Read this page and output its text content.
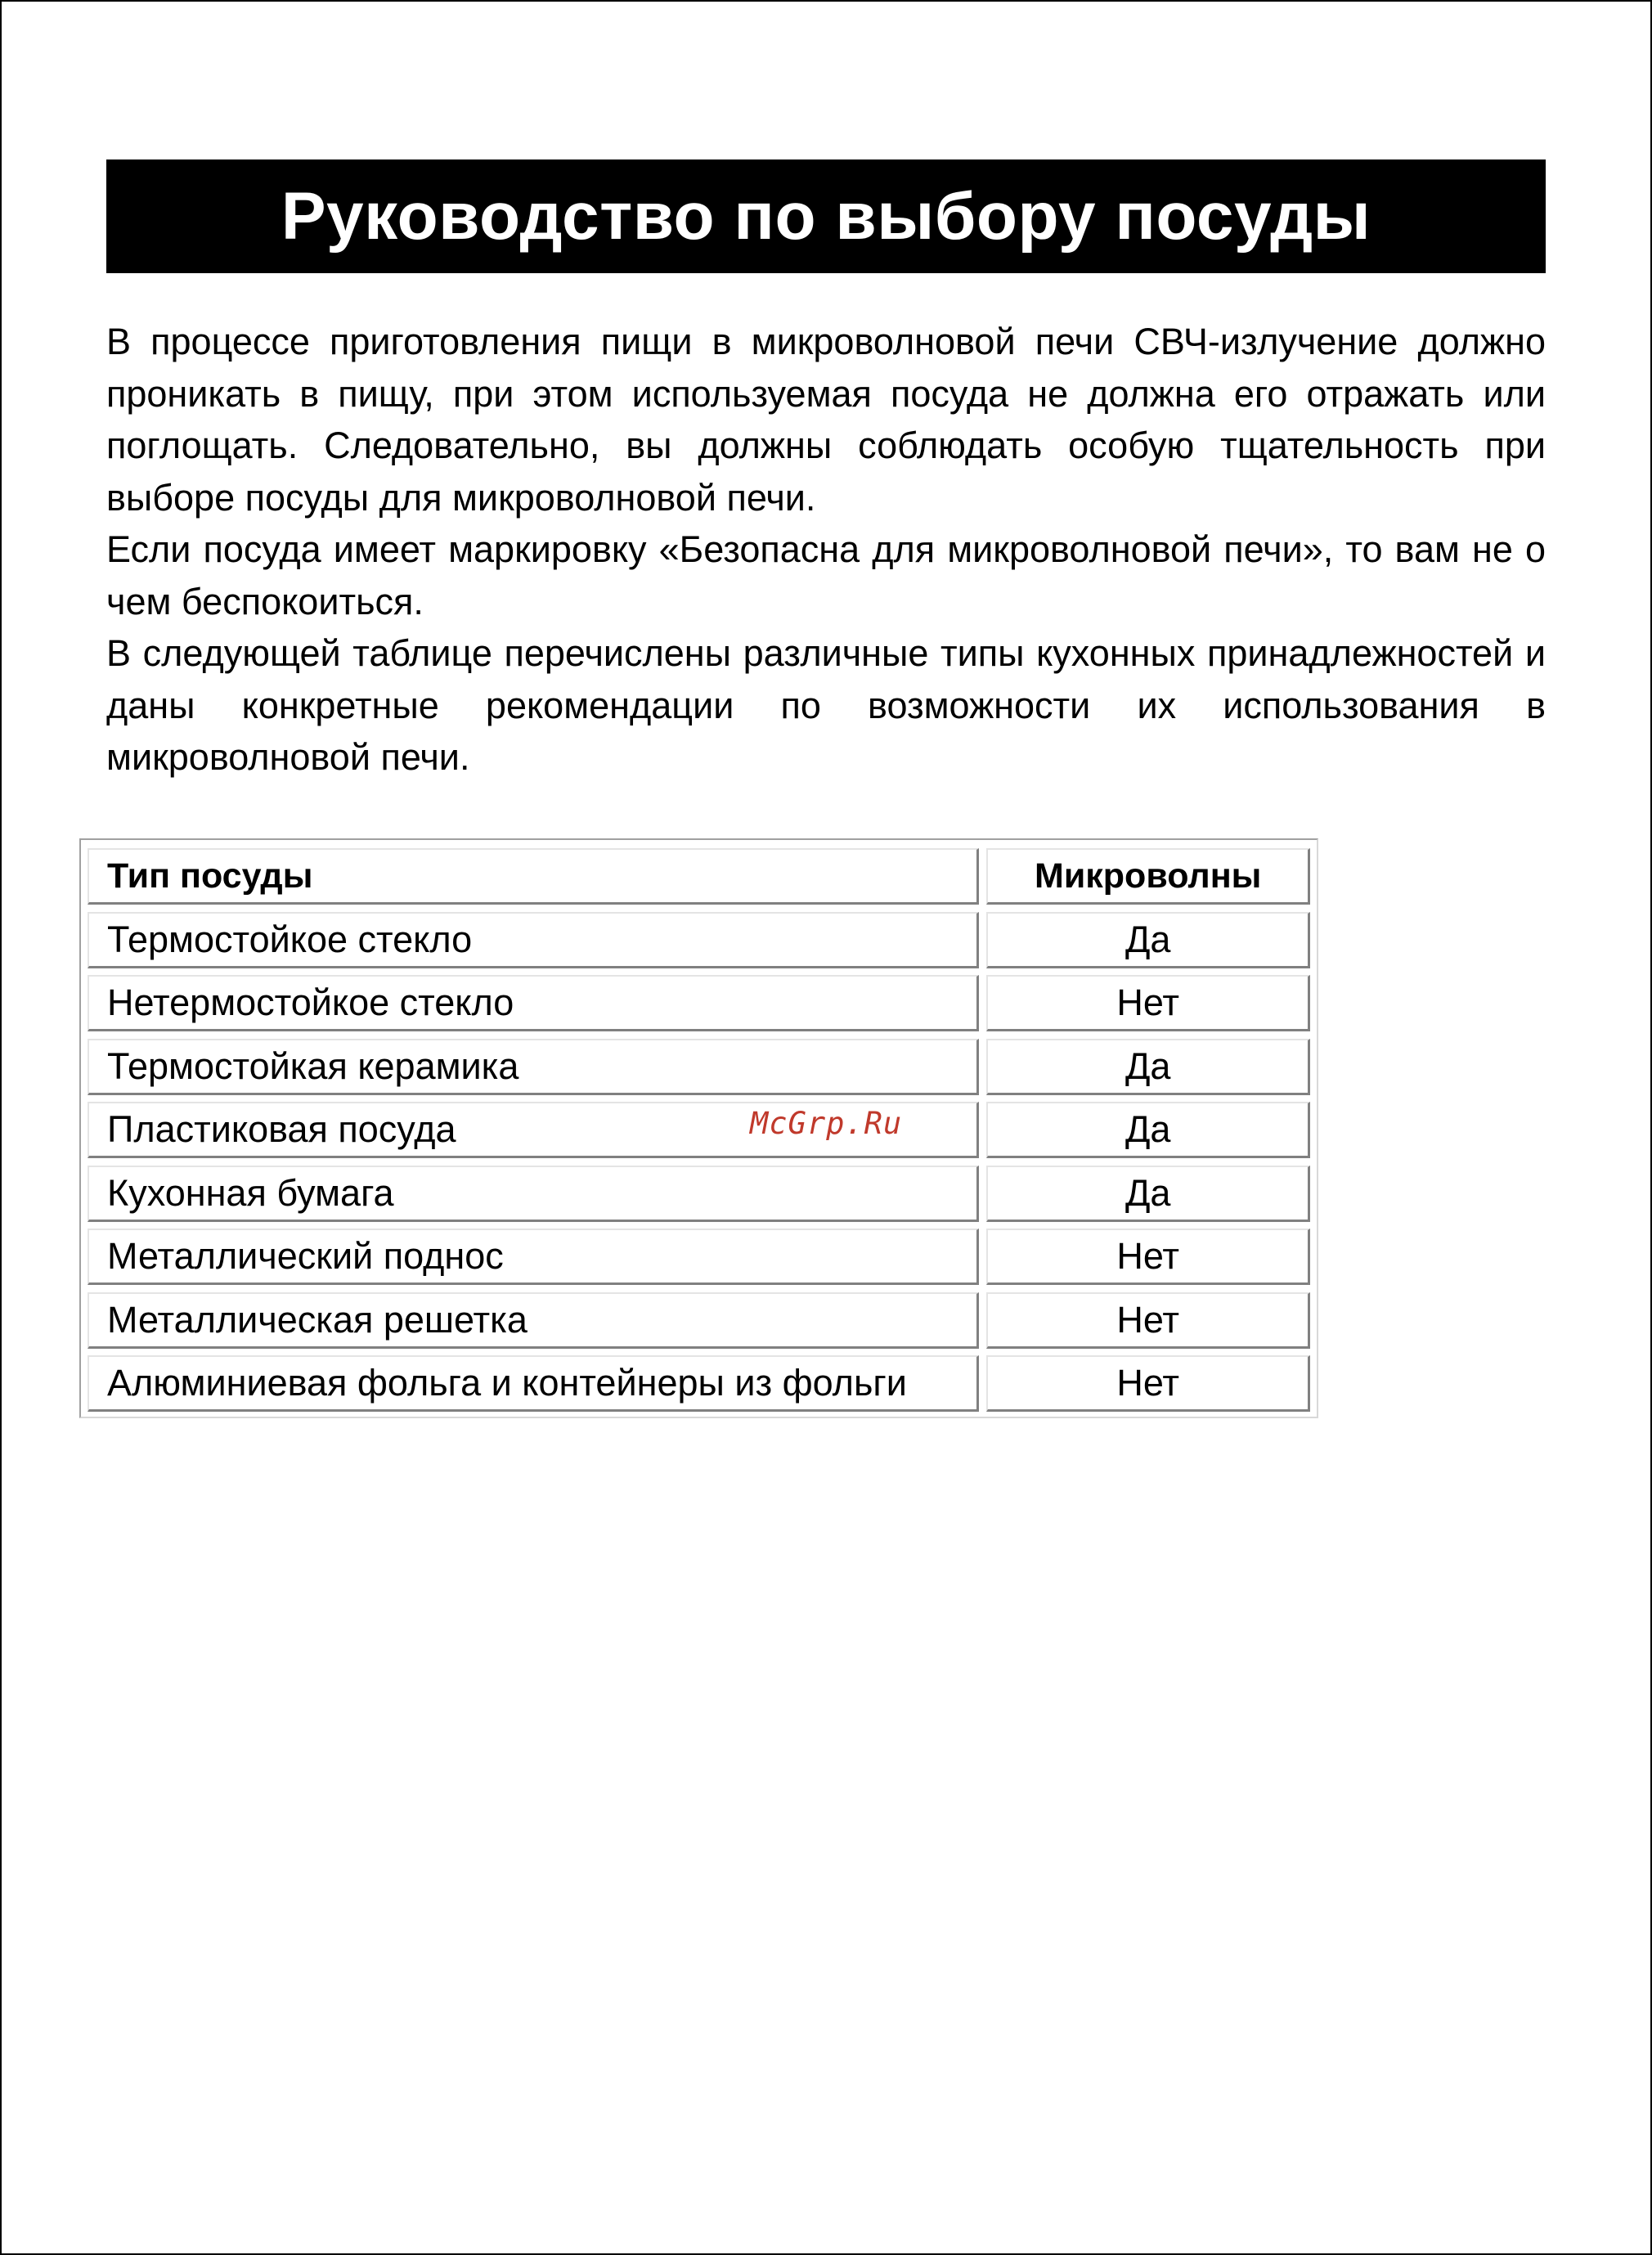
Руководство по выбору посуды

В процессе приготовления пищи в микроволновой печи СВЧ-излучение должно проникать в пищу, при этом используемая посуда не должна его отражать или поглощать. Следовательно, вы должны соблюдать особую тщательность при выборе посуды для микроволновой печи.

Если посуда имеет маркировку «Безопасна для микроволновой печи», то вам не о чем беспокоиться.

В следующей таблице перечислены различные типы кухонных принадлежностей и даны конкретные рекомендации по возможности их использования в микроволновой печи.

Тип посуды	Микроволны
Термостойкое стекло	Да
Нетермостойкое стекло	Нет
Термостойкая керамика	Да
Пластиковая посуда	Да
Кухонная бумага	Да
Металлический поднос	Нет
Металлическая решетка	Нет
Алюминиевая фольга и контейнеры из фольги	Нет
McGrp.Ru
